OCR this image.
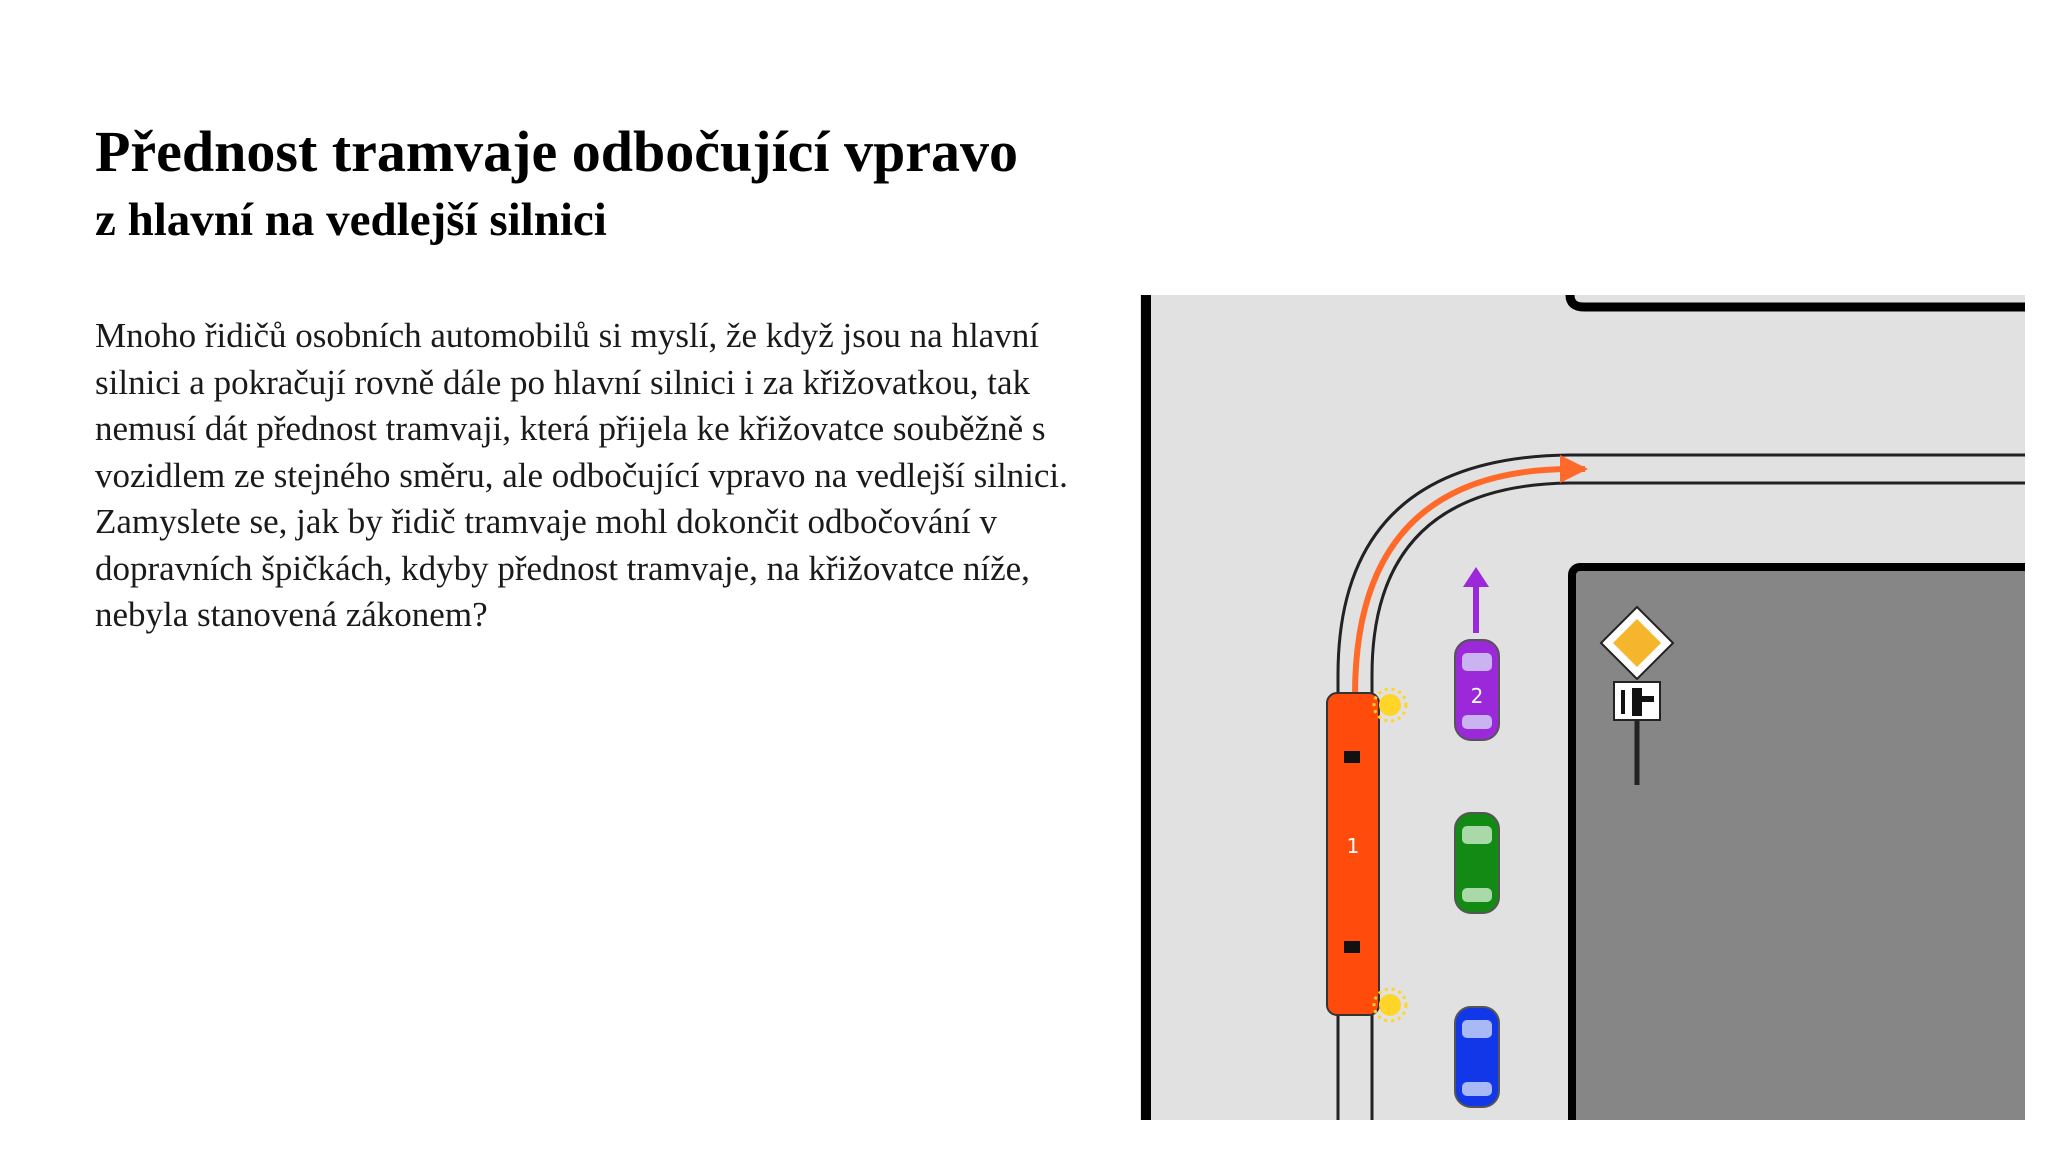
Přednost tramvaje odbočující vpravo
z hlavní na vedlejší silnici

Mnoho řidičů osobních automobilů si myslí, že když jsou na hlavní silnici a pokračují rovně dále po hlavní silnici i za křižovatkou, tak nemusí dát přednost tramvaji, která přijela ke křižovatce souběžně s vozidlem ze stejného směru, ale odbočující vpravo na vedlejší silnici. Zamyslete se, jak by řidič tramvaje mohl dokončit odbočování v dopravních špičkách, kdyby přednost tramvaje, na křižovatce níže, nebyla stanovená zákonem?

1
2
